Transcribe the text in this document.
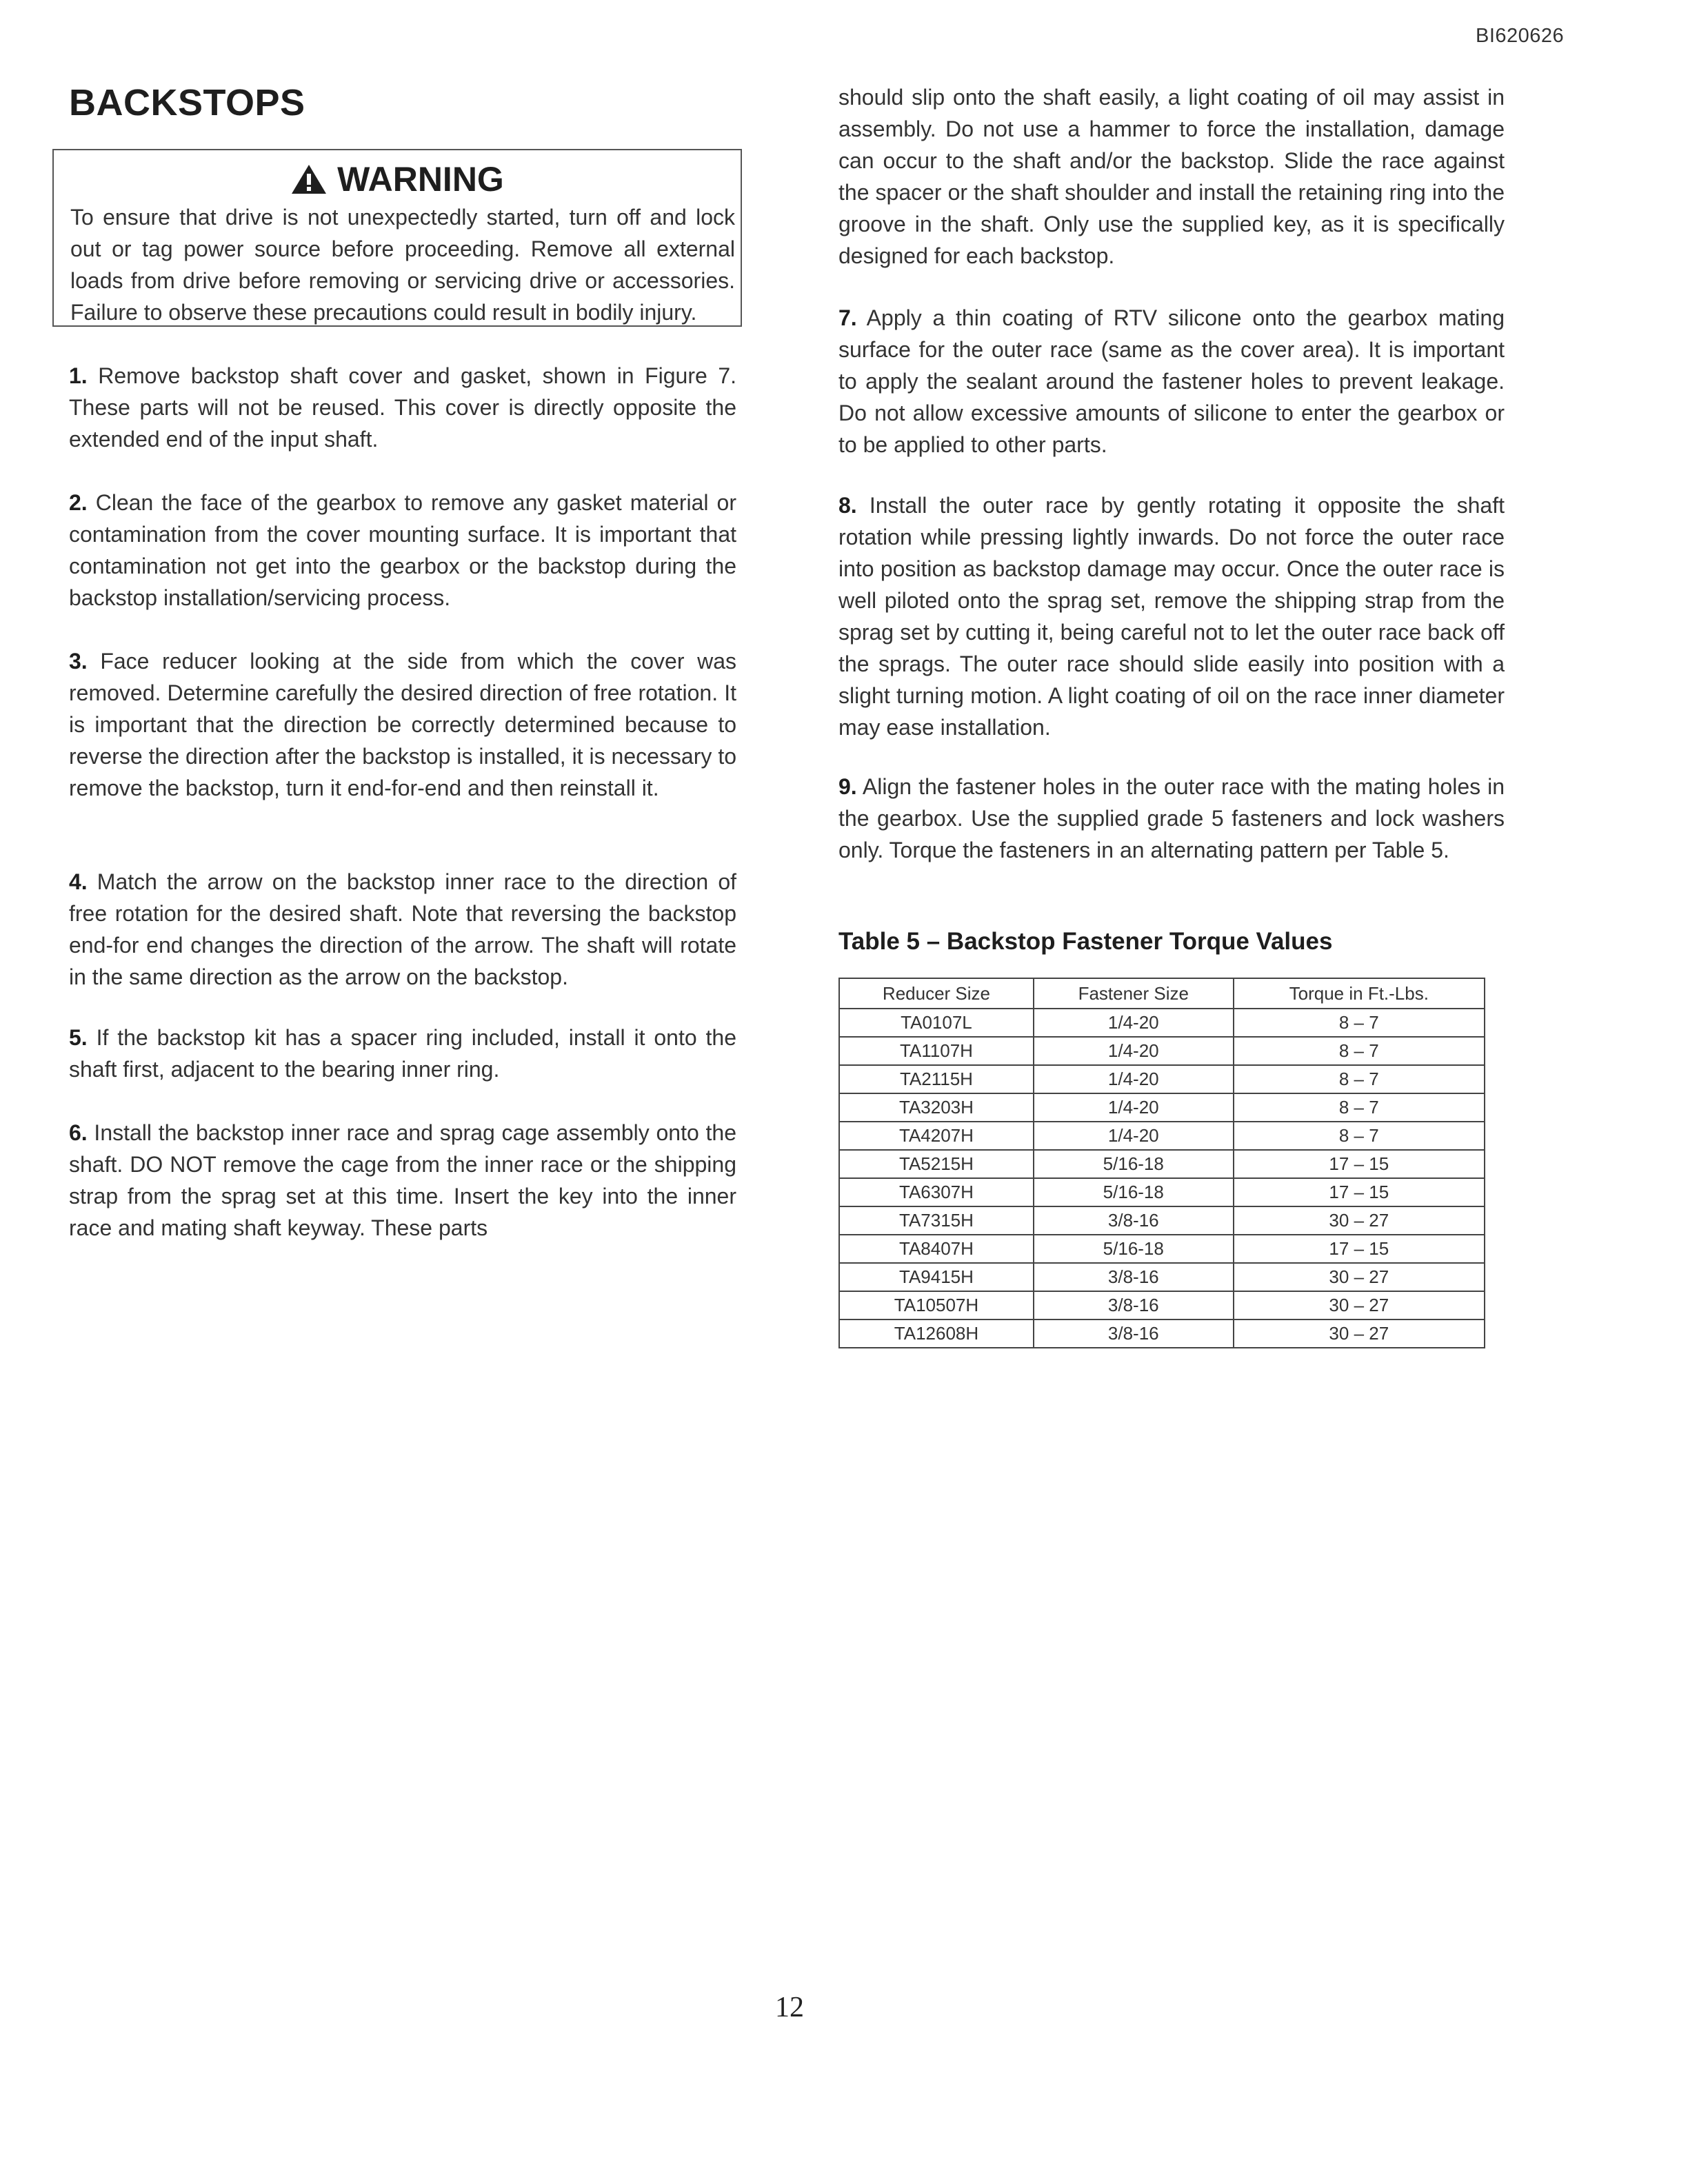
BI620626
BACKSTOPS
WARNING

To ensure that drive is not unexpectedly started, turn off and lock out or tag power source before proceeding. Remove all external loads from drive before removing or servicing drive or accessories. Failure to observe these precautions could result in bodily injury.

1. Remove backstop shaft cover and gasket, shown in Figure 7. These parts will not be reused. This cover is directly opposite the extended end of the input shaft.

2. Clean the face of the gearbox to remove any gasket material or contamination from the cover mounting surface. It is important that contamination not get into the gearbox or the backstop during the backstop installation/servicing process.

3. Face reducer looking at the side from which the cover was removed. Determine carefully the desired direction of free rotation. It is important that the direction be correctly determined because to reverse the direction after the backstop is installed, it is necessary to remove the backstop, turn it end-for-end and then reinstall it.

4. Match the arrow on the backstop inner race to the direction of free rotation for the desired shaft. Note that reversing the backstop end-for end changes the direction of the arrow. The shaft will rotate in the same direction as the arrow on the backstop.

5. If the backstop kit has a spacer ring included, install it onto the shaft first, adjacent to the bearing inner ring.

6. Install the backstop inner race and sprag cage assembly onto the shaft. DO NOT remove the cage from the inner race or the shipping strap from the sprag set at this time. Insert the key into the inner race and mating shaft keyway. These parts

should slip onto the shaft easily, a light coating of oil may assist in assembly. Do not use a hammer to force the installation, damage can occur to the shaft and/or the backstop. Slide the race against the spacer or the shaft shoulder and install the retaining ring into the groove in the shaft. Only use the supplied key, as it is specifically designed for each backstop.

7. Apply a thin coating of RTV silicone onto the gearbox mating surface for the outer race (same as the cover area). It is important to apply the sealant around the fastener holes to prevent leakage. Do not allow excessive amounts of silicone to enter the gearbox or to be applied to other parts.

8. Install the outer race by gently rotating it opposite the shaft rotation while pressing lightly inwards. Do not force the outer race into position as backstop damage may occur. Once the outer race is well piloted onto the sprag set, remove the shipping strap from the sprag set by cutting it, being careful not to let the outer race back off the sprags. The outer race should slide easily into position with a slight turning motion. A light coating of oil on the race inner diameter may ease installation.

9. Align the fastener holes in the outer race with the mating holes in the gearbox. Use the supplied grade 5 fasteners and lock washers only. Torque the fasteners in an alternating pattern per Table 5.

Table 5 – Backstop Fastener Torque Values
Reducer Size	Fastener Size	Torque in Ft.-Lbs.
TA0107L	1/4-20	8 – 7
TA1107H	1/4-20	8 – 7
TA2115H	1/4-20	8 – 7
TA3203H	1/4-20	8 – 7
TA4207H	1/4-20	8 – 7
TA5215H	5/16-18	17 – 15
TA6307H	5/16-18	17 – 15
TA7315H	3/8-16	30 – 27
TA8407H	5/16-18	17 – 15
TA9415H	3/8-16	30 – 27
TA10507H	3/8-16	30 – 27
TA12608H	3/8-16	30 – 27
12
